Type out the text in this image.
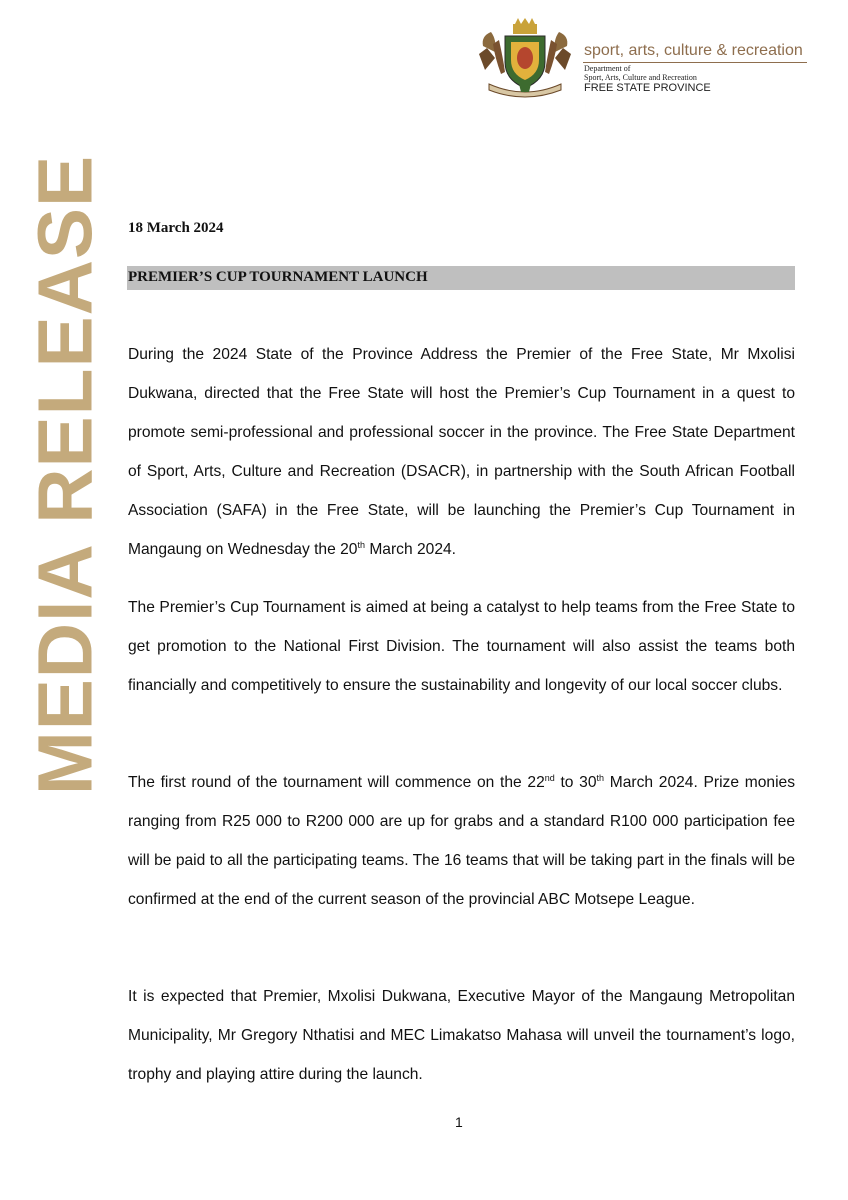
MEDIA RELEASE
sport, arts, culture & recreation
Department of
Sport, Arts, Culture and Recreation
FREE STATE PROVINCE
18 March 2024
PREMIER’S CUP TOURNAMENT LAUNCH

During the 2024 State of the Province Address the Premier of the Free State, Mr Mxolisi Dukwana, directed that the Free State will host the Premier’s Cup Tournament in a quest to promote semi-professional and professional soccer in the province. The Free State Department of Sport, Arts, Culture and Recreation (DSACR), in partnership with the South African Football Association (SAFA) in the Free State, will be launching the Premier’s Cup Tournament in Mangaung on Wednesday the 20th March 2024.

The Premier’s Cup Tournament is aimed at being a catalyst to help teams from the Free State to get promotion to the National First Division. The tournament will also assist the teams both financially and competitively to ensure the sustainability and longevity of our local soccer clubs.

The first round of the tournament will commence on the 22nd to 30th March 2024. Prize monies ranging from R25 000 to R200 000 are up for grabs and a standard R100 000 participation fee will be paid to all the participating teams. The 16 teams that will be taking part in the finals will be confirmed at the end of the current season of the provincial ABC Motsepe League.

It is expected that Premier, Mxolisi Dukwana, Executive Mayor of the Mangaung Metropolitan Municipality, Mr Gregory Nthatisi and MEC Limakatso Mahasa will unveil the tournament’s logo, trophy and playing attire during the launch.

1
